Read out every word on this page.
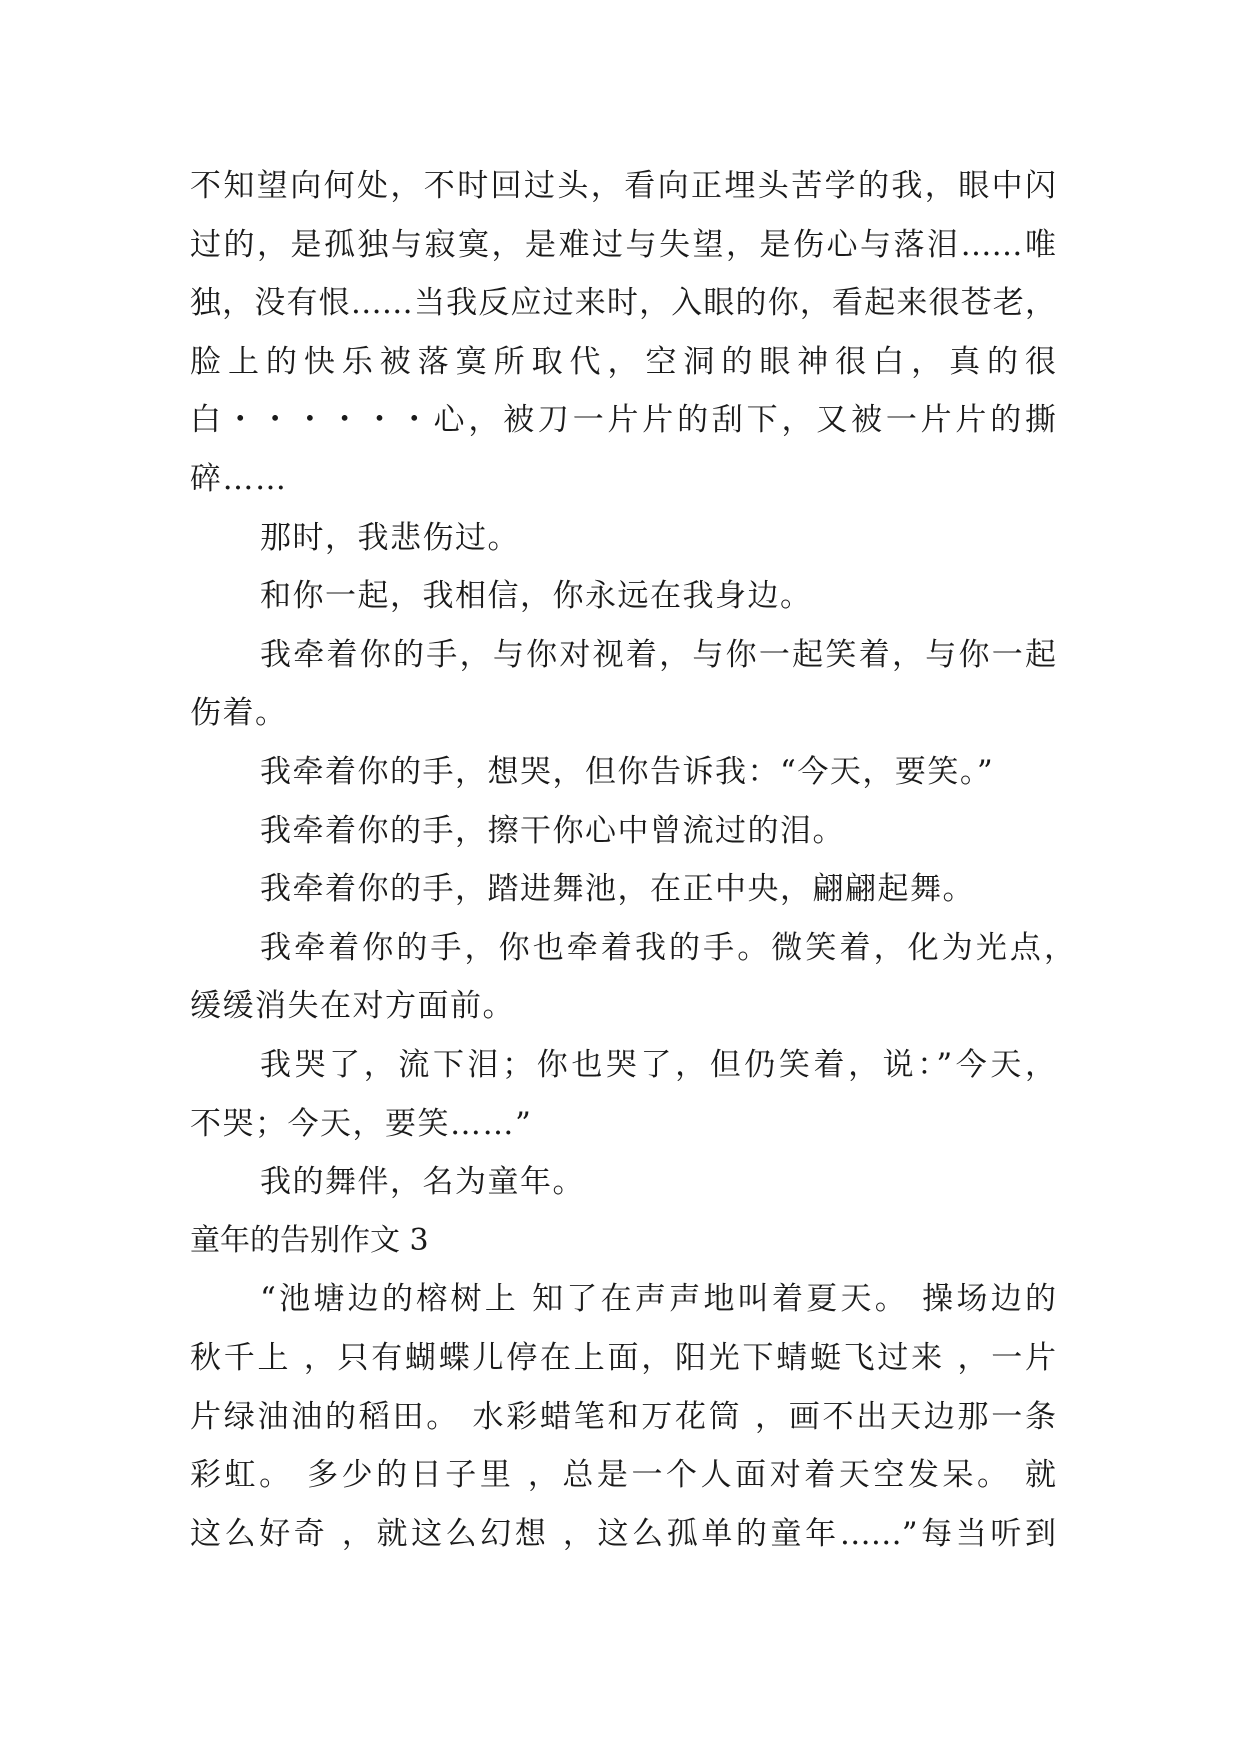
不知望向何处，不时回过头，看向正埋头苦学的我，眼中闪
过的，是孤独与寂寞，是难过与失望，是伤心与落泪……唯
独，没有恨……当我反应过来时，入眼的你，看起来很苍老，
脸上的快乐被落寞所取代，空洞的眼神很白，真的很
白・・・・・・心，被刀一片片的刮下，又被一片片的撕
碎……
那时，我悲伤过。
和你一起，我相信，你永远在我身边。
我牵着你的手，与你对视着，与你一起笑着，与你一起
伤着。
我牵着你的手，想哭，但你告诉我：“今天，要笑。”
我牵着你的手，擦干你心中曾流过的泪。
我牵着你的手，踏进舞池，在正中央，翩翩起舞。
我牵着你的手，你也牵着我的手。微笑着，化为光点，
缓缓消失在对方面前。
我哭了，流下泪；你也哭了，但仍笑着，说：”今天，
不哭；今天，要笑……”
我的舞伴，名为童年。
童年的告别作文 3
“池塘边的榕树上 知了在声声地叫着夏天。 操场边的
秋千上 ，只有蝴蝶儿停在上面，阳光下蜻蜓飞过来 ，一片
片绿油油的稻田。 水彩蜡笔和万花筒 ，画不出天边那一条
彩虹。 多少的日子里 ，总是一个人面对着天空发呆。 就
这么好奇 ，就这么幻想 ，这么孤单的童年……”每当听到
